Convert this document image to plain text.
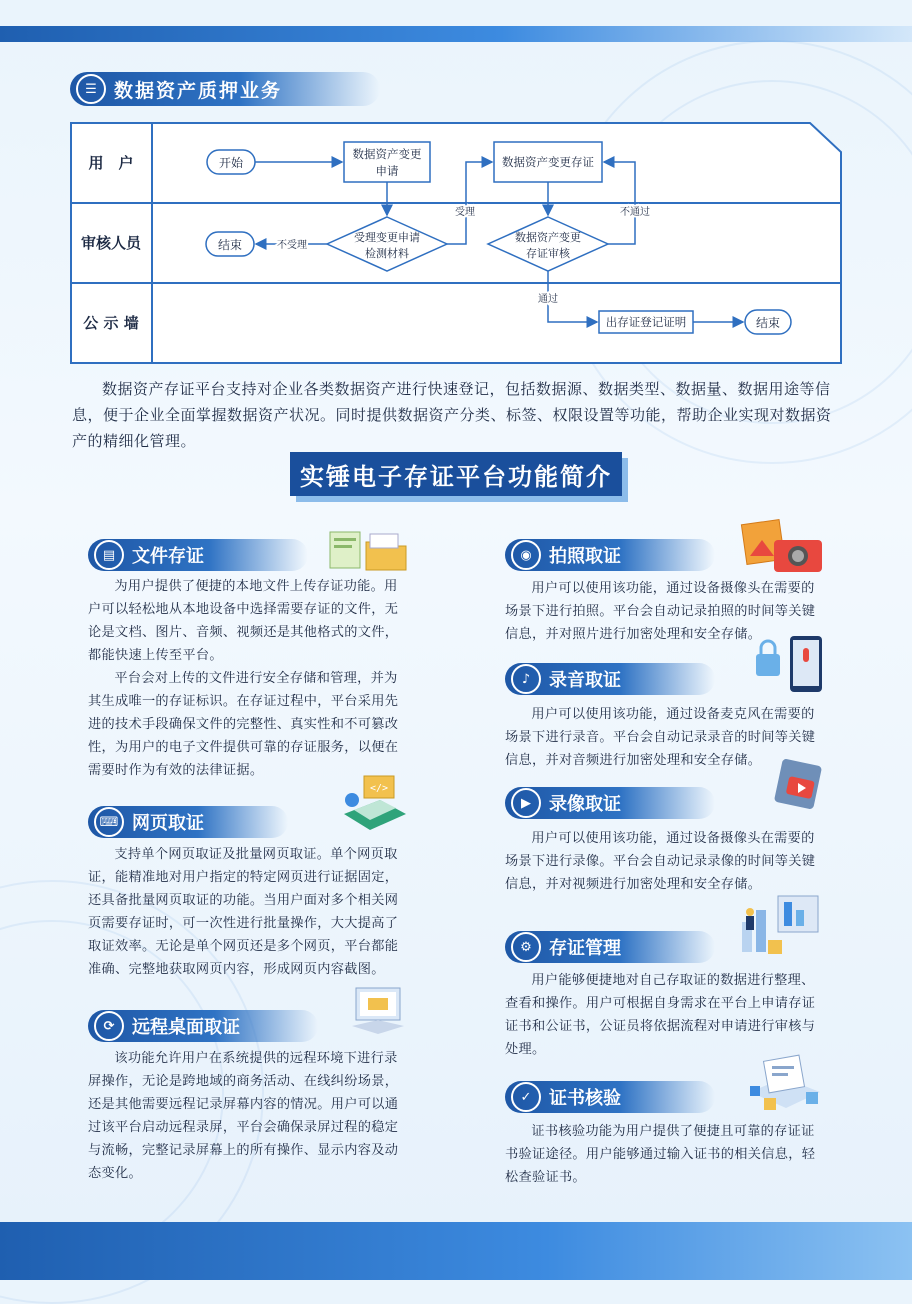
☰ 数据资产质押业务
用　户
审核人员
公 示 墙
开始
数据资产变更
申请
受理变更申请
检测材料
不受理
结束
受理
数据资产变更存证
数据资产变更
存证审核
不通过
通过
出存证登记证明	结束
数据资产存证平台支持对企业各类数据资产进行快速登记，包括数据源、数据类型、数据量、数据用途等信息，便于企业全面掌握数据资产状况。同时提供数据资产分类、标签、权限设置等功能，帮助企业实现对数据资产的精细化管理。
实锤电子存证平台功能简介
▤ 文件存证
为用户提供了便捷的本地文件上传存证功能。用户可以轻松地从本地设备中选择需要存证的文件，无论是文档、图片、音频、视频还是其他格式的文件，都能快速上传至平台。
平台会对上传的文件进行安全存储和管理，并为其生成唯一的存证标识。在存证过程中，平台采用先进的技术手段确保文件的完整性、真实性和不可篡改性，为用户的电子文件提供可靠的存证服务，以便在需要时作为有效的法律证据。
⌨ 网页取证
</>
支持单个网页取证及批量网页取证。单个网页取证，能精准地对用户指定的特定网页进行证据固定，还具备批量网页取证的功能。当用户面对多个相关网页需要存证时，可一次性进行批量操作，大大提高了取证效率。无论是单个网页还是多个网页，平台都能准确、完整地获取网页内容，形成网页内容截图。
⟳ 远程桌面取证
该功能允许用户在系统提供的远程环境下进行录屏操作，无论是跨地域的商务活动、在线纠纷场景，还是其他需要远程记录屏幕内容的情况。用户可以通过该平台启动远程录屏，平台会确保录屏过程的稳定与流畅，完整记录屏幕上的所有操作、显示内容及动态变化。
◉ 拍照取证
用户可以使用该功能，通过设备摄像头在需要的场景下进行拍照。平台会自动记录拍照的时间等关键信息，并对照片进行加密处理和安全存储。
♪	录音取证
用户可以使用该功能，通过设备麦克风在需要的场景下进行录音。平台会自动记录录音的时间等关键信息，并对音频进行加密处理和安全存储。
▶	录像取证
用户可以使用该功能，通过设备摄像头在需要的场景下进行录像。平台会自动记录录像的时间等关键信息，并对视频进行加密处理和安全存储。
⚙ 存证管理
用户能够便捷地对自己存取证的数据进行整理、查看和操作。用户可根据自身需求在平台上申请存证证书和公证书，公证员将依据流程对申请进行审核与处理。
✓ 证书核验
证书核验功能为用户提供了便捷且可靠的存证证书验证途径。用户能够通过输入证书的相关信息，轻松查验证书。
